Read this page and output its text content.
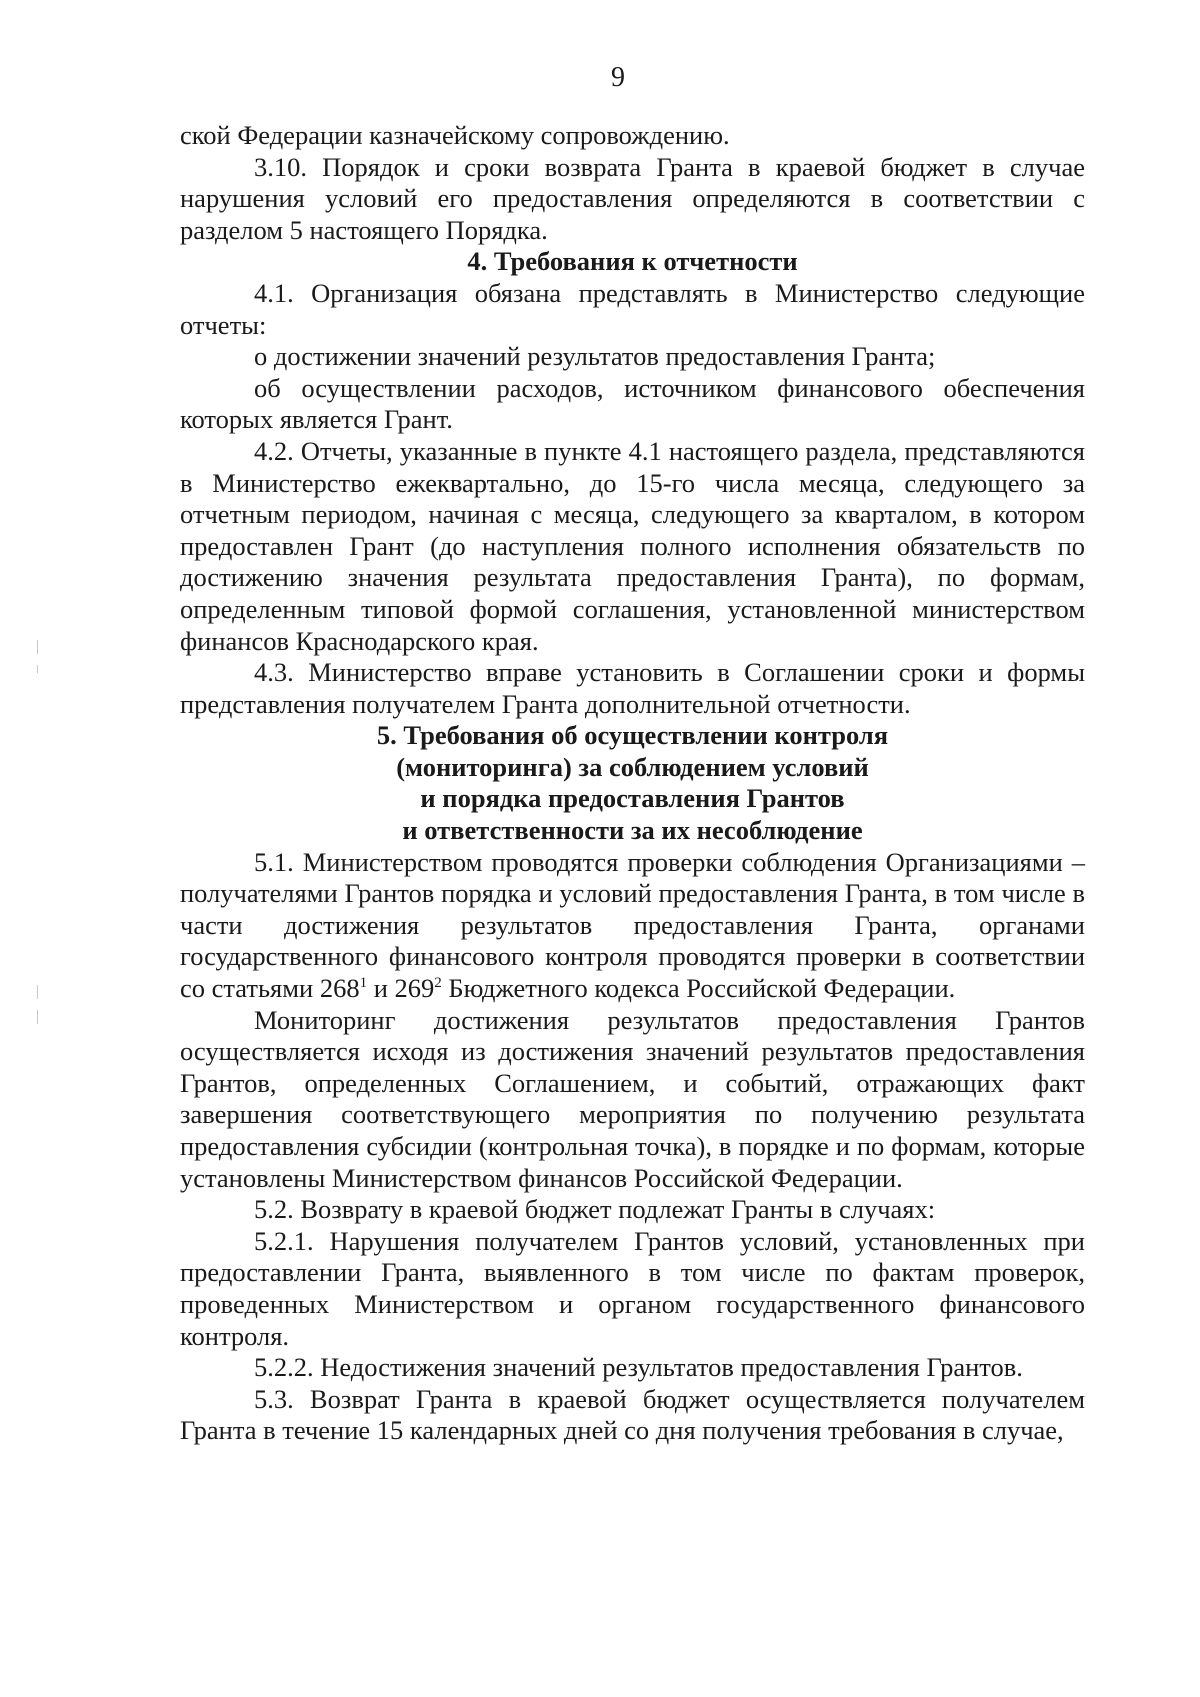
9

ской Федерации казначейскому сопровождению.

3.10. Порядок и сроки возврата Гранта в краевой бюджет в случае нарушения условий его предоставления определяются в соответствии с разделом 5 настоящего Порядка.

4. Требования к отчетности

4.1. Организация обязана представлять в Министерство следующие отчеты:

о достижении значений результатов предоставления Гранта;

об осуществлении расходов, источником финансового обеспечения которых является Грант.

4.2. Отчеты, указанные в пункте 4.1 настоящего раздела, представляются в Министерство ежеквартально, до 15-го числа месяца, следующего за отчетным периодом, начиная с месяца, следующего за кварталом, в котором предоставлен Грант (до наступления полного исполнения обязательств по достижению значения результата предоставления Гранта), по формам, определенным типовой формой соглашения, установленной министерством финансов Краснодарского края.

4.3. Министерство вправе установить в Соглашении сроки и формы представления получателем Гранта дополнительной отчетности.

5. Требования об осуществлении контроля
(мониторинга) за соблюдением условий
и порядка предоставления Грантов
и ответственности за их несоблюдение

5.1. Министерством проводятся проверки соблюдения Организациями – получателями Грантов порядка и условий предоставления Гранта, в том числе в части достижения результатов предоставления Гранта, органами государственного финансового контроля проводятся проверки в соответствии со статьями $268^1$ и $269^2$ Бюджетного кодекса Российской Федерации.

Мониторинг достижения результатов предоставления Грантов осуществляется исходя из достижения значений результатов предоставления Грантов, определенных Соглашением, и событий, отражающих факт завершения соответствующего мероприятия по получению результата предоставления субсидии (контрольная точка), в порядке и по формам, которые установлены Министерством финансов Российской Федерации.

5.2. Возврату в краевой бюджет подлежат Гранты в случаях:

5.2.1. Нарушения получателем Грантов условий, установленных при предоставлении Гранта, выявленного в том числе по фактам проверок, проведенных Министерством и органом государственного финансового контроля.

5.2.2. Недостижения значений результатов предоставления Грантов.

5.3. Возврат Гранта в краевой бюджет осуществляется получателем Гранта в течение 15 календарных дней со дня получения требования в случае,
